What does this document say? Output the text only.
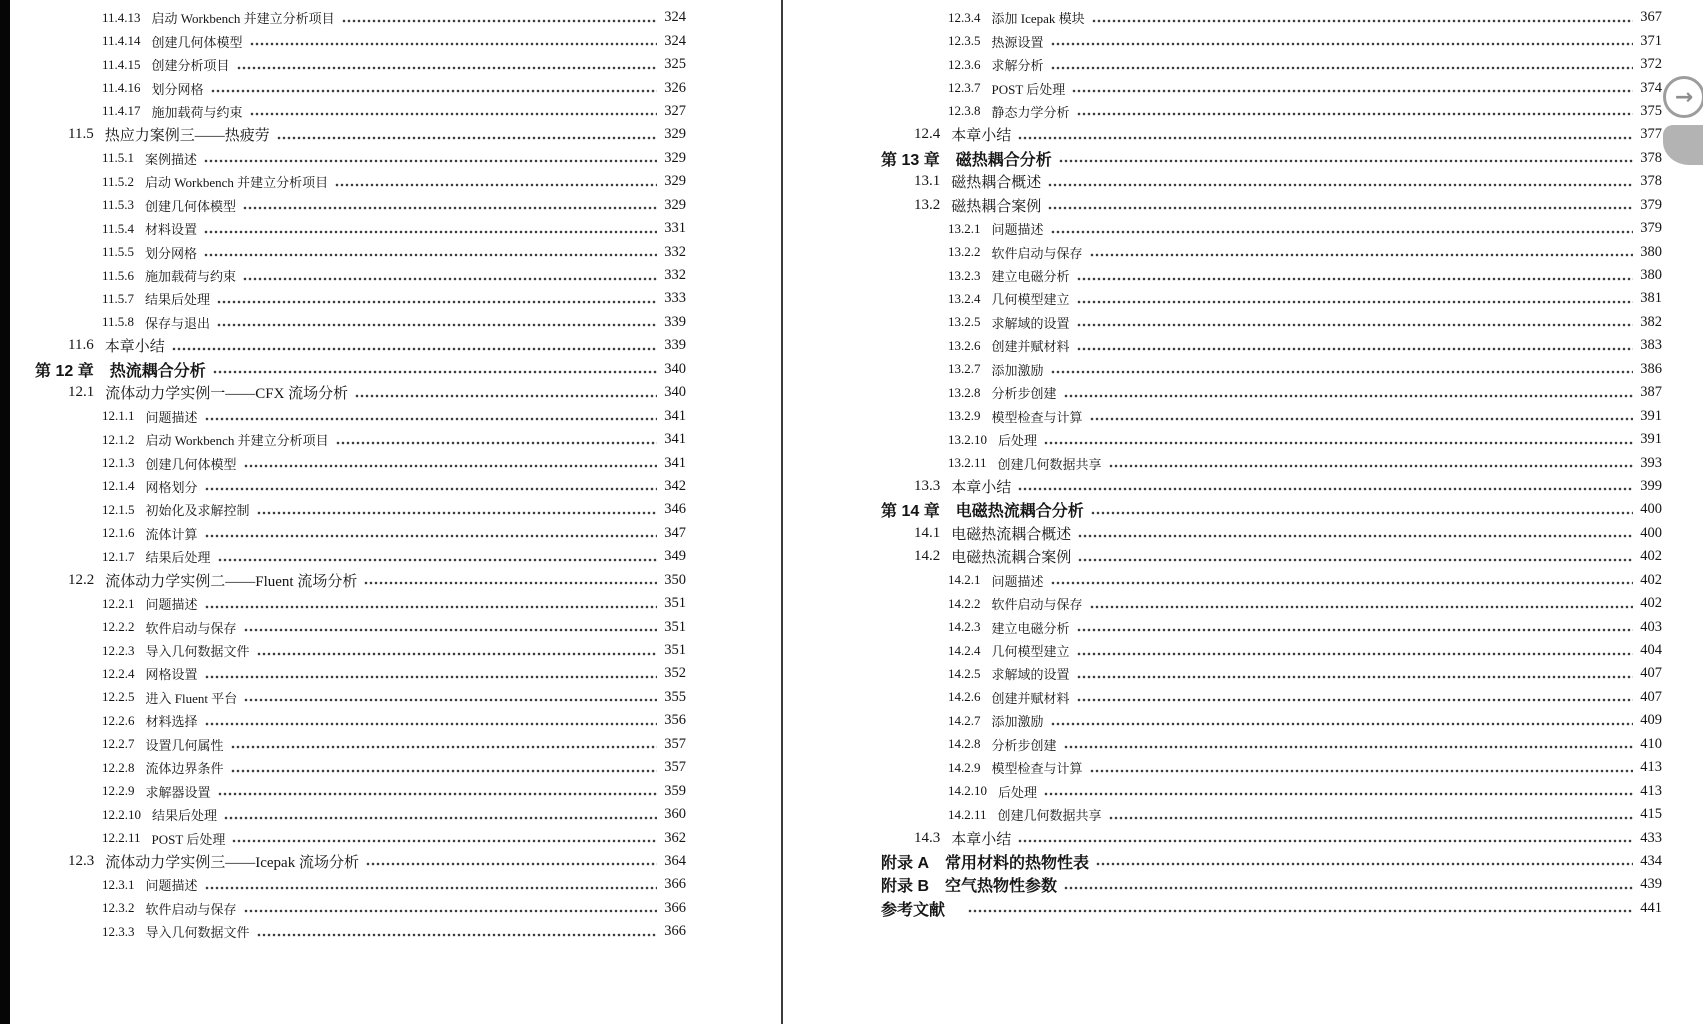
11.4.13 启动 Workbench 并建立分析项目	324
11.4.14 创建几何体模型	324
11.4.15 创建分析项目	325
11.4.16 划分网格	326
11.4.17 施加载荷与约束	327
11.5 热应力案例三——热疲劳	329
11.5.1 案例描述	329
11.5.2 启动 Workbench 并建立分析项目	329
11.5.3 创建几何体模型	329
11.5.4 材料设置	331
11.5.5 划分网格	332
11.5.6 施加载荷与约束	332
11.5.7 结果后处理	333
11.5.8 保存与退出	339
11.6 本章小结	339
第 12 章 热流耦合分析	340
12.1 流体动力学实例一——CFX 流场分析	340
12.1.1 问题描述	341
12.1.2 启动 Workbench 并建立分析项目	341
12.1.3 创建几何体模型	341
12.1.4 网格划分	342
12.1.5 初始化及求解控制	346
12.1.6 流体计算	347
12.1.7 结果后处理	349
12.2 流体动力学实例二——Fluent 流场分析	350
12.2.1 问题描述	351
12.2.2 软件启动与保存	351
12.2.3 导入几何数据文件	351
12.2.4 网格设置	352
12.2.5 进入 Fluent 平台	355
12.2.6 材料选择	356
12.2.7 设置几何属性	357
12.2.8 流体边界条件	357
12.2.9 求解器设置	359
12.2.10 结果后处理	360
12.2.11 POST 后处理	362
12.3 流体动力学实例三——Icepak 流场分析	364
12.3.1 问题描述	366
12.3.2 软件启动与保存	366
12.3.3 导入几何数据文件	366
12.3.4 添加 Icepak 模块	367
12.3.5 热源设置	371
12.3.6 求解分析	372
12.3.7 POST 后处理	374
12.3.8 静态力学分析	375
12.4 本章小结	377
第 13 章 磁热耦合分析	378
13.1 磁热耦合概述	378
13.2 磁热耦合案例	379
13.2.1 问题描述	379
13.2.2 软件启动与保存	380
13.2.3 建立电磁分析	380
13.2.4 几何模型建立	381
13.2.5 求解域的设置	382
13.2.6 创建并赋材料	383
13.2.7 添加激励	386
13.2.8 分析步创建	387
13.2.9 模型检查与计算	391
13.2.10 后处理	391
13.2.11 创建几何数据共享	393
13.3 本章小结	399
第 14 章 电磁热流耦合分析	400
14.1 电磁热流耦合概述	400
14.2 电磁热流耦合案例	402
14.2.1 问题描述	402
14.2.2 软件启动与保存	402
14.2.3 建立电磁分析	403
14.2.4 几何模型建立	404
14.2.5 求解域的设置	407
14.2.6 创建并赋材料	407
14.2.7 添加激励	409
14.2.8 分析步创建	410
14.2.9 模型检查与计算	413
14.2.10 后处理	413
14.2.11 创建几何数据共享	415
14.3 本章小结	433
附录 A 常用材料的热物性表	434
附录 B 空气热物性参数	439
参考文献	441
→
